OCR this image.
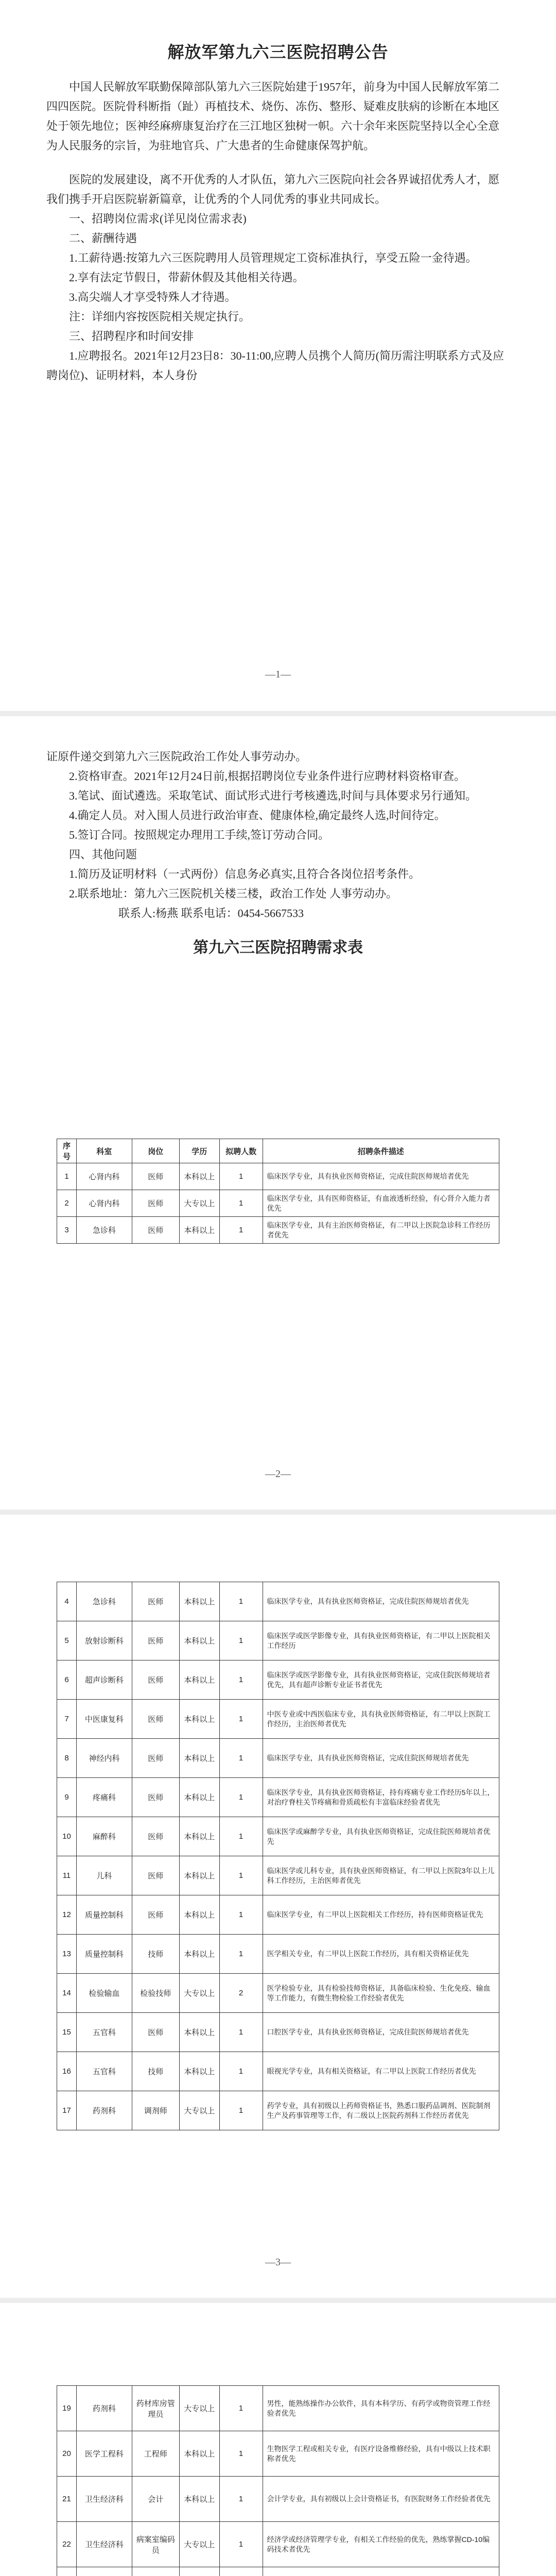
解放军第九六三医院招聘公告
中国人民解放军联勤保障部队第九六三医院始建于1957年，前身为中国人民解放军第二四四医院。医院骨科断指（趾）再植技术、烧伤、冻伤、整形、疑难皮肤病的诊断在本地区处于领先地位；医神经麻痹康复治疗在三江地区独树一帜。六十余年来医院坚持以全心全意为人民服务的宗旨，为驻地官兵、广大患者的生命健康保驾护航。
医院的发展建设，离不开优秀的人才队伍，第九六三医院向社会各界诚招优秀人才，愿我们携手开启医院崭新篇章，让优秀的个人同优秀的事业共同成长。
一、招聘岗位需求(详见岗位需求表)
二、薪酬待遇
1.工薪待遇:按第九六三医院聘用人员管理规定工资标准执行，享受五险一金待遇。
2.享有法定节假日，带薪休假及其他相关待遇。
3.高尖端人才享受特殊人才待遇。
注：详细内容按医院相关规定执行。
三、招聘程序和时间安排
1.应聘报名。2021年12月23日8：30-11:00,应聘人员携个人简历(简历需注明联系方式及应聘岗位)、证明材料，本人身份
—1—
证原件递交到第九六三医院政治工作处人事劳动办。
2.资格审查。2021年12月24日前,根据招聘岗位专业条件进行应聘材料资格审查。
3.笔试、面试遴选。采取笔试、面试形式进行考核遴选,时间与具体要求另行通知。
4.确定人员。对入围人员进行政治审查、健康体检,确定最终人选,时间待定。
5.签订合同。按照规定办理用工手续,签订劳动合同。
四、其他问题
1.简历及证明材料（一式两份）信息务必真实,且符合各岗位招考条件。
2.联系地址：第九六三医院机关楼三楼，政治工作处 人事劳动办。
联系人:杨燕 联系电话：0454-5667533
第九六三医院招聘需求表
序号	科室	岗位	学历	拟聘人数	招聘条件描述
1	心肾内科	医师	本科以上	1	临床医学专业，具有执业医师资格证，完成住院医师规培者优先
2	心肾内科	医师	大专以上	1	临床医学专业，具有医师资格证，有血液透析经验，有心肾介入能力者优先
3	急诊科	医师	本科以上	1	临床医学专业，具有主治医师资格证，有二甲以上医院急诊科工作经历者优先
—2—
4	急诊科	医师	本科以上	1	临床医学专业，具有执业医师资格证，完成住院医师规培者优先
5	放射诊断科	医师	本科以上	1	临床医学或医学影像专业，具有执业医师资格证，有二甲以上医院相关工作经历
6	超声诊断科	医师	本科以上	1	临床医学或医学影像专业，具有执业医师资格证，完成住院医师规培者优先，具有超声诊断专业证书者优先
7	中医康复科	医师	本科以上	1	中医专业或中西医临床专业，具有执业医师资格证，有二甲以上医院工作经历，主治医师者优先
8	神经内科	医师	本科以上	1	临床医学专业，具有执业医师资格证，完成住院医师规培者优先
9	疼痛科	医师	本科以上	1	临床医学专业，具有执业医师资格证，持有疼痛专业工作经历5年以上，对治疗脊柱关节疼痛和骨质疏松有丰富临床经验者优先
10	麻醉科	医师	本科以上	1	临床医学或麻醉学专业，具有执业医师资格证，完成住院医师规培者优先
11	儿科	医师	本科以上	1	临床医学或儿科专业，具有执业医师资格证，有二甲以上医院3年以上儿科工作经历，主治医师者优先
12	质量控制科	医师	本科以上	1	临床医学专业，有二甲以上医院相关工作经历，持有医师资格证优先
13	质量控制科	技师	本科以上	1	医学相关专业，有二甲以上医院工作经历，具有相关资格证优先
14	检验输血	检验技师	大专以上	2	医学检验专业，具有检验技师资格证，具备临床检验、生化免疫、输血等工作能力，有微生物检验工作经验者优先
15	五官科	医师	本科以上	1	口腔医学专业，具有执业医师资格证，完成住院医师规培者优先
16	五官科	技师	本科以上	1	眼视光学专业，具有相关资格证，有二甲以上医院工作经历者优先
17	药剂科	调剂师	大专以上	1	药学专业，具有初级以上药师资格证书，熟悉口服药品调剂、医院制剂生产及药事管理等工作，有二级以上医院药剂科工作经历者优先
—3—
19	药剂科	药材库房管理员	大专以上	1	男性，能熟练操作办公软件，具有本科学历、有药学或物资管理工作经验者优先
20	医学工程科	工程师	本科以上	1	生物医学工程或相关专业，有医疗设备维修经验，具有中级以上技术职称者优先
21	卫生经济科	会计	本科以上	1	会计学专业，具有初级以上会计资格证书，有医院财务工作经验者优先
22	卫生经济科	病案室编码员	大专以上	1	经济学或经济管理学专业，有相关工作经验的优先，熟练掌握CD-10编码技术者优先
